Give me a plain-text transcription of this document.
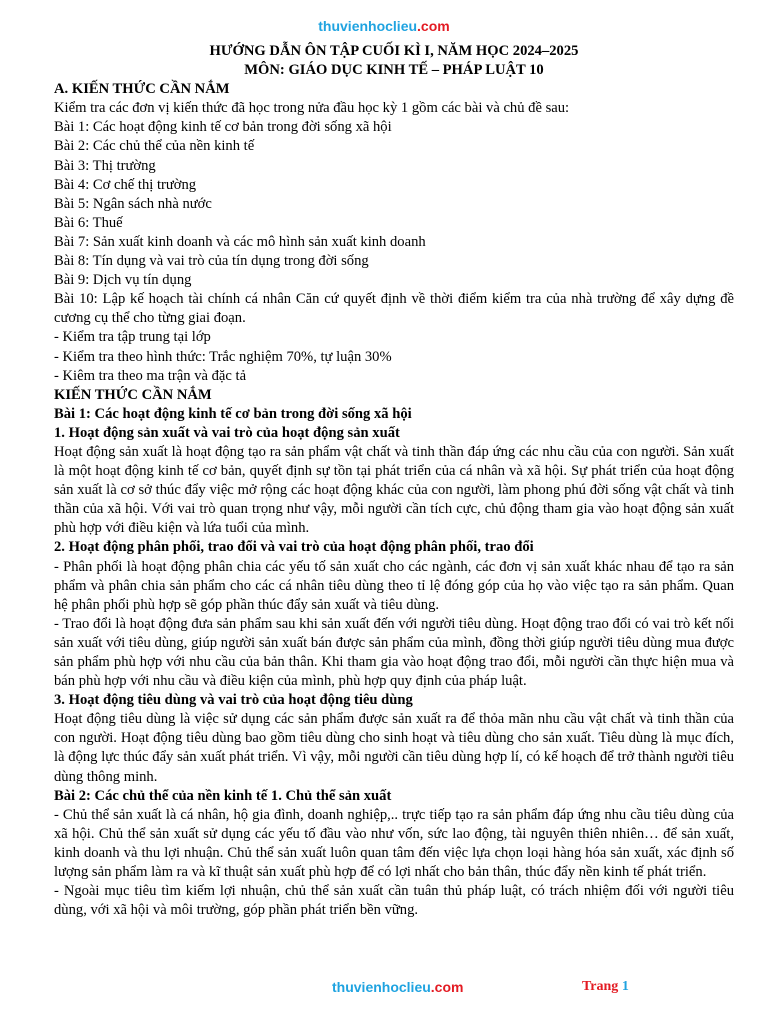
thuvienhoclieu.com
HƯỚNG DẪN ÔN TẬP CUỐI KÌ I, NĂM HỌC 2024–2025
MÔN: GIÁO DỤC KINH TẾ – PHÁP LUẬT 10
A. KIẾN THỨC CẦN NẮM

Kiểm tra các đơn vị kiến thức đã học trong nửa đầu học kỳ 1 gồm các bài và chủ đề sau:

Bài 1: Các hoạt động kinh tế cơ bản trong đời sống xã hội

Bài 2: Các chủ thể của nền kinh tế

Bài 3: Thị trường

Bài 4: Cơ chế thị trường

Bài 5: Ngân sách nhà nước

Bài 6: Thuế

Bài 7: Sản xuất kinh doanh và các mô hình sản xuất kinh doanh

Bài 8: Tín dụng và vai trò của tín dụng trong đời sống

Bài 9: Dịch vụ tín dụng

Bài 10: Lập kế hoạch tài chính cá nhân Căn cứ quyết định về thời điểm kiểm tra của nhà trường để xây dựng đề cương cụ thể cho từng giai đoạn.

- Kiểm tra tập trung tại lớp

- Kiểm tra theo hình thức: Trắc nghiệm 70%, tự luận 30%

- Kiêm tra theo ma trận và đặc tả

KIẾN THỨC CẦN NẮM
Bài 1: Các hoạt động kinh tế cơ bản trong đời sống xã hội
1. Hoạt động sản xuất và vai trò của hoạt động sản xuất

Hoạt động sản xuất là hoạt động tạo ra sản phẩm vật chất và tinh thần đáp ứng các nhu cầu của con người. Sản xuất là một hoạt động kinh tế cơ bản, quyết định sự tồn tại phát triển của cá nhân và xã hội. Sự phát triển của hoạt động sản xuất là cơ sở thúc đẩy việc mở rộng các hoạt động khác của con người, làm phong phú đời sống vật chất và tinh thần của xã hội. Với vai trò quan trọng như vậy, mỗi người cần tích cực, chủ động tham gia vào hoạt động sản xuất phù hợp với điều kiện và lứa tuổi của mình.

2. Hoạt động phân phối, trao đổi và vai trò của hoạt động phân phối, trao đổi

- Phân phối là hoạt động phân chia các yếu tố sản xuất cho các ngành, các đơn vị sản xuất khác nhau để tạo ra sản phẩm và phân chia sản phẩm cho các cá nhân tiêu dùng theo tỉ lệ đóng góp của họ vào việc tạo ra sản phẩm. Quan hệ phân phối phù hợp sẽ góp phần thúc đẩy sản xuất và tiêu dùng.

- Trao đổi là hoạt động đưa sản phẩm sau khi sản xuất đến với người tiêu dùng. Hoạt động trao đổi có vai trò kết nối sản xuất với tiêu dùng, giúp người sản xuất bán được sản phẩm của mình, đồng thời giúp người tiêu dùng mua được sản phẩm phù hợp với nhu cầu của bản thân. Khi tham gia vào hoạt động trao đổi, mỗi người cần thực hiện mua và bán phù hợp với nhu cầu và điều kiện của mình, phù hợp quy định của pháp luật.

3. Hoạt động tiêu dùng và vai trò của hoạt động tiêu dùng

Hoạt động tiêu dùng là việc sử dụng các sản phẩm được sản xuất ra để thỏa mãn nhu cầu vật chất và tinh thần của con người. Hoạt động tiêu dùng bao gồm tiêu dùng cho sinh hoạt và tiêu dùng cho sản xuất. Tiêu dùng là mục đích, là động lực thúc đẩy sản xuất phát triển. Vì vậy, mỗi người cần tiêu dùng hợp lí, có kế hoạch để trở thành người tiêu dùng thông minh.

Bài 2: Các chủ thể của nền kinh tế 1. Chủ thể sản xuất

- Chủ thể sản xuất là cá nhân, hộ gia đình, doanh nghiệp,.. trực tiếp tạo ra sản phẩm đáp ứng nhu cầu tiêu dùng của xã hội. Chủ thể sản xuất sử dụng các yếu tố đầu vào như vốn, sức lao động, tài nguyên thiên nhiên… để sản xuất, kinh doanh và thu lợi nhuận. Chủ thể sản xuất luôn quan tâm đến việc lựa chọn loại hàng hóa sản xuất, xác định số lượng sản phẩm làm ra và kĩ thuật sản xuất phù hợp để có lợi nhất cho bản thân, thúc đẩy nền kinh tế phát triển.

- Ngoài mục tiêu tìm kiếm lợi nhuận, chủ thể sản xuất cần tuân thủ pháp luật, có trách nhiệm đối với người tiêu dùng, với xã hội và môi trường, góp phần phát triển bền vững.

thuvienhoclieu.com	Trang 1
